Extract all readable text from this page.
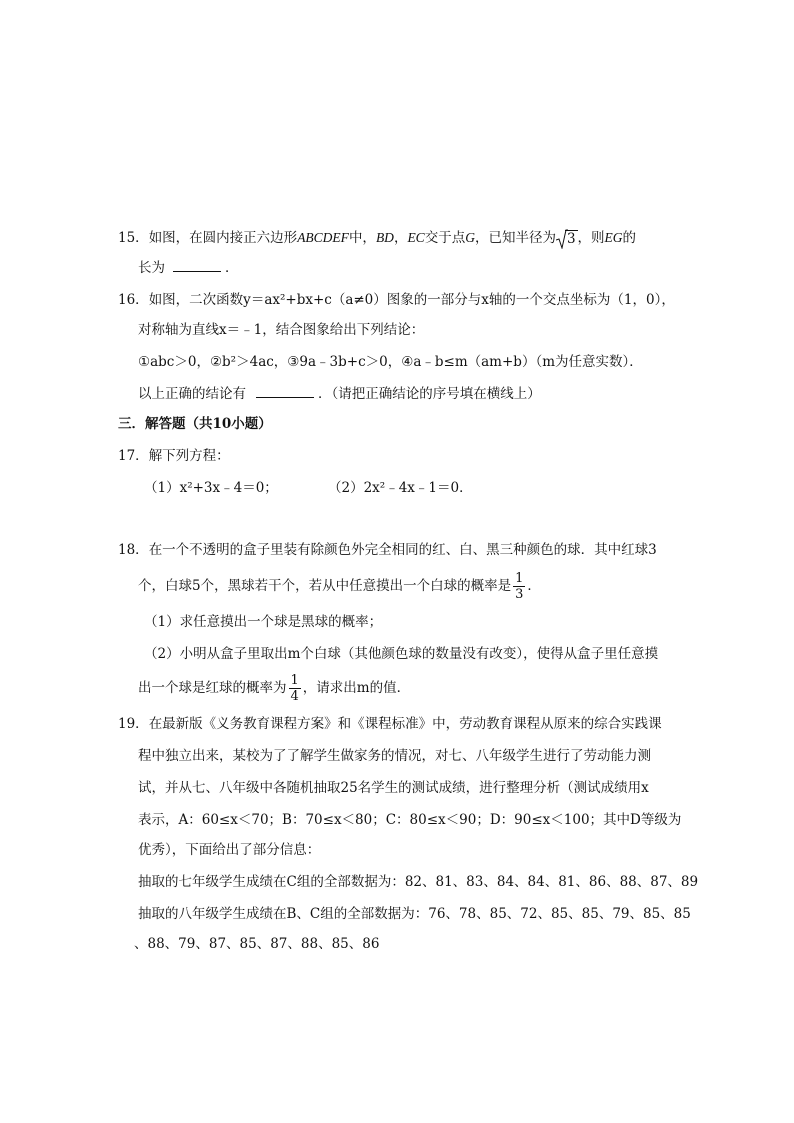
15．如图，在圆内接正六边形ABCDEF中，BD，EC交于点G，已知半径为 3 ，则EG的
长为	．
16．如图，二次函数y＝ax²+bx+c（a≠0）图象的一部分与x轴的一个交点坐标为（1，0），
对称轴为直线x＝﹣1，结合图象给出下列结论：
①abc＞0，②b²＞4ac，③9a﹣3b+c＞0，④a﹣b≤m（am+b）（m为任意实数）．
以上正确的结论有	．（请把正确结论的序号填在横线上）
三．解答题（共10小题）
17．解下列方程：
（1）x²+3x﹣4＝0；	（2）2x²﹣4x﹣1＝0．
18．在一个不透明的盒子里装有除颜色外完全相同的红、白、黑三种颜色的球．其中红球3
个，白球5个，黑球若干个，若从中任意摸出一个白球的概率是 $\frac{1}{3}$ ．
（1）求任意摸出一个球是黑球的概率；
（2）小明从盒子里取出m个白球（其他颜色球的数量没有改变），使得从盒子里任意摸
出一个球是红球的概率为 $\frac{1}{4}$ ，请求出m的值．
19．在最新版《义务教育课程方案》和《课程标准》中，劳动教育课程从原来的综合实践课
程中独立出来，某校为了了解学生做家务的情况，对七、八年级学生进行了劳动能力测
试，并从七、八年级中各随机抽取25名学生的测试成绩，进行整理分析（测试成绩用x
表示，A：60≤x＜70；B：70≤x＜80；C：80≤x＜90；D：90≤x＜100；其中D等级为
优秀），下面给出了部分信息：
抽取的七年级学生成绩在C组的全部数据为：82、81、83、84、84、81、86、88、87、89
抽取的八年级学生成绩在B、C组的全部数据为：76、78、85、72、85、85、79、85、85
、88、79、87、85、87、88、85、86
